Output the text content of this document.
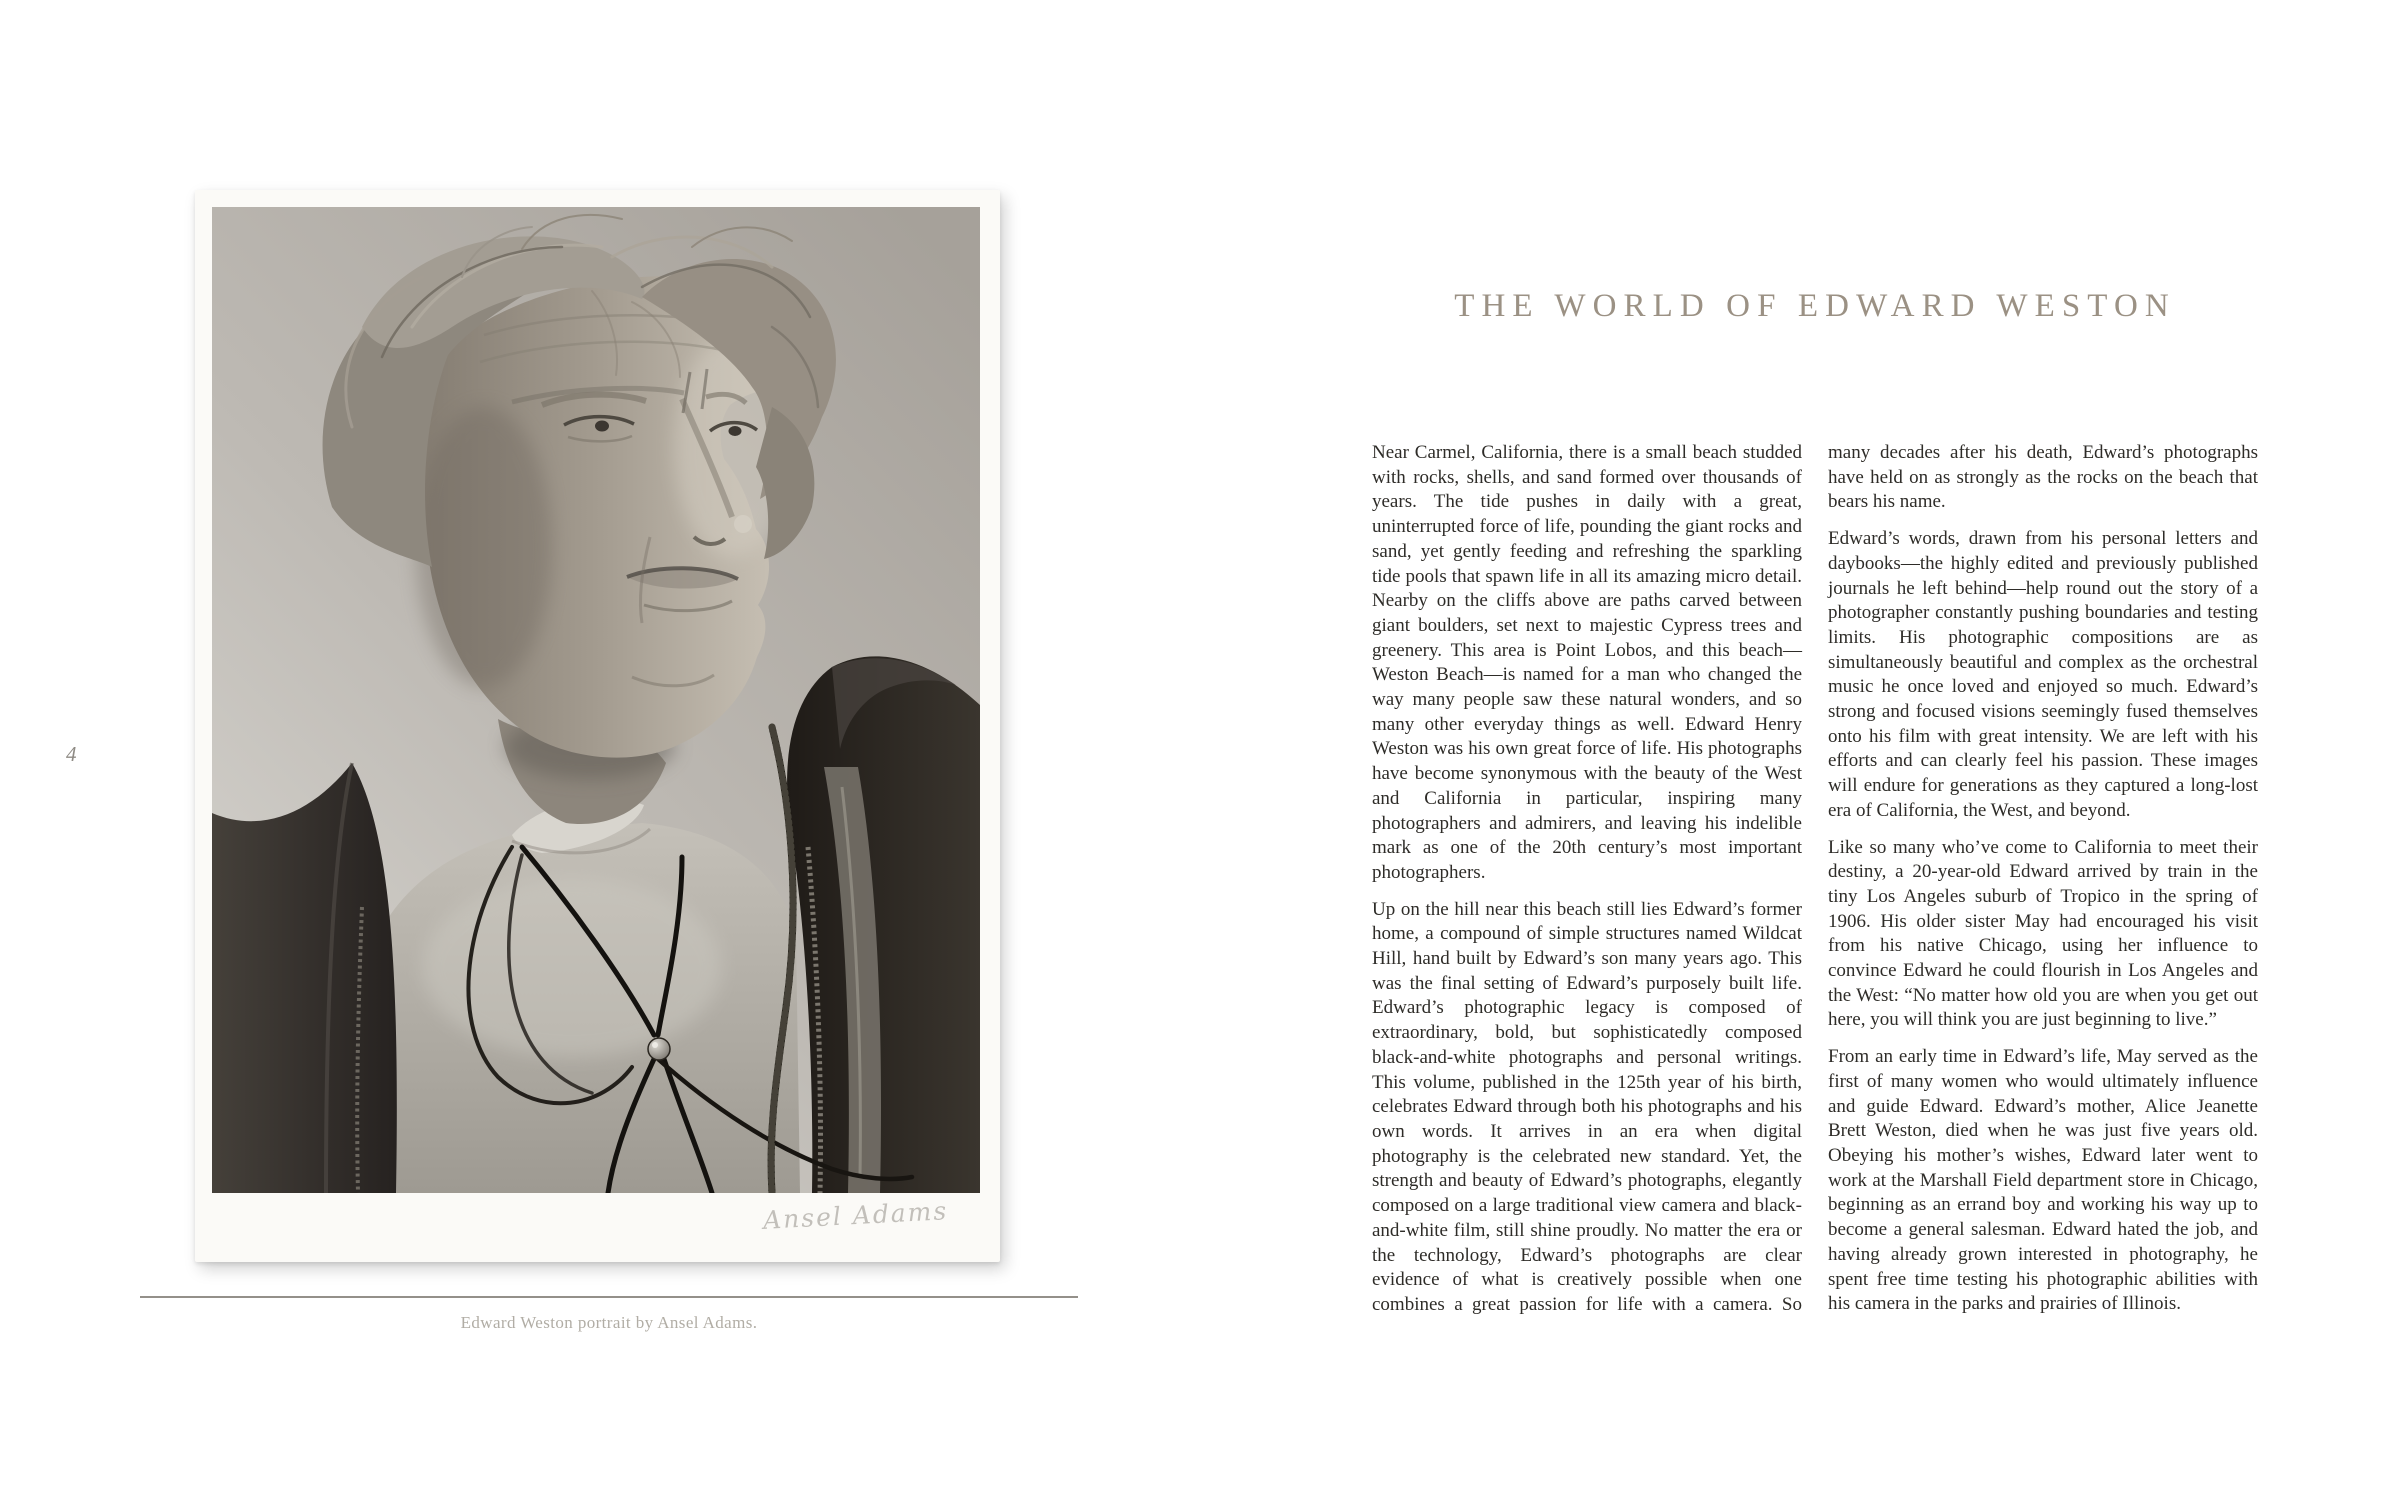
4
Ansel Adams
Edward Weston portrait by Ansel Adams.
THE WORLD OF EDWARD WESTON

Near Carmel, California, there is a small beach studded with rocks, shells, and sand formed over thousands of years. The tide pushes in daily with a great, uninterrupted force of life, pounding the giant rocks and sand, yet gently feeding and refreshing the sparkling tide pools that spawn life in all its amazing micro detail. Nearby on the cliffs above are paths carved between giant boulders, set next to majestic Cypress trees and greenery. This area is Point Lobos, and this beach—Weston Beach—is named for a man who changed the way many people saw these natural wonders, and so many other everyday things as well. Edward Henry Weston was his own great force of life. His photographs have become synonymous with the beauty of the West and California in particular, inspiring many photographers and admirers, and leaving his indelible mark as one of the 20th century’s most important photographers.

Up on the hill near this beach still lies Edward’s former home, a compound of simple structures named Wildcat Hill, hand built by Edward’s son many years ago. This was the final setting of Edward’s purposely built life. Edward’s photographic legacy is composed of extraordinary, bold, but sophisticatedly composed black-and-white photographs and personal writings. This volume, published in the 125th year of his birth, celebrates Edward through both his photographs and his own words. It arrives in an era when digital photography is the celebrated new standard. Yet, the strength and beauty of Edward’s photographs, elegantly composed on a large traditional view camera and black-and-white film, still shine proudly. No matter the era or the technology, Edward’s photographs are clear evidence of what is creatively possible when one combines a great passion for life with a camera. So many decades after his death, Edward’s photographs have held on as strongly as the rocks on the beach that bears his name.

Edward’s words, drawn from his personal letters and daybooks—the highly edited and previously published journals he left behind—help round out the story of a photographer constantly pushing boundaries and testing limits. His photographic compositions are as simultaneously beautiful and complex as the orchestral music he once loved and enjoyed so much. Edward’s strong and focused visions seemingly fused themselves onto his film with great intensity. We are left with his efforts and can clearly feel his passion. These images will endure for generations as they captured a long-lost era of California, the West, and beyond.

Like so many who’ve come to California to meet their destiny, a 20-year-old Edward arrived by train in the tiny Los Angeles suburb of Tropico in the spring of 1906. His older sister May had encouraged his visit from his native Chicago, using her influence to convince Edward he could flourish in Los Angeles and the West: “No matter how old you are when you get out here, you will think you are just beginning to live.”

From an early time in Edward’s life, May served as the first of many women who would ultimately influence and guide Edward. Edward’s mother, Alice Jeanette Brett Weston, died when he was just five years old. Obeying his mother’s wishes, Edward later went to work at the Marshall Field department store in Chicago, beginning as an errand boy and working his way up to become a general salesman. Edward hated the job, and having already grown interested in photography, he spent free time testing his photographic abilities with his camera in the parks and prairies of Illinois.
